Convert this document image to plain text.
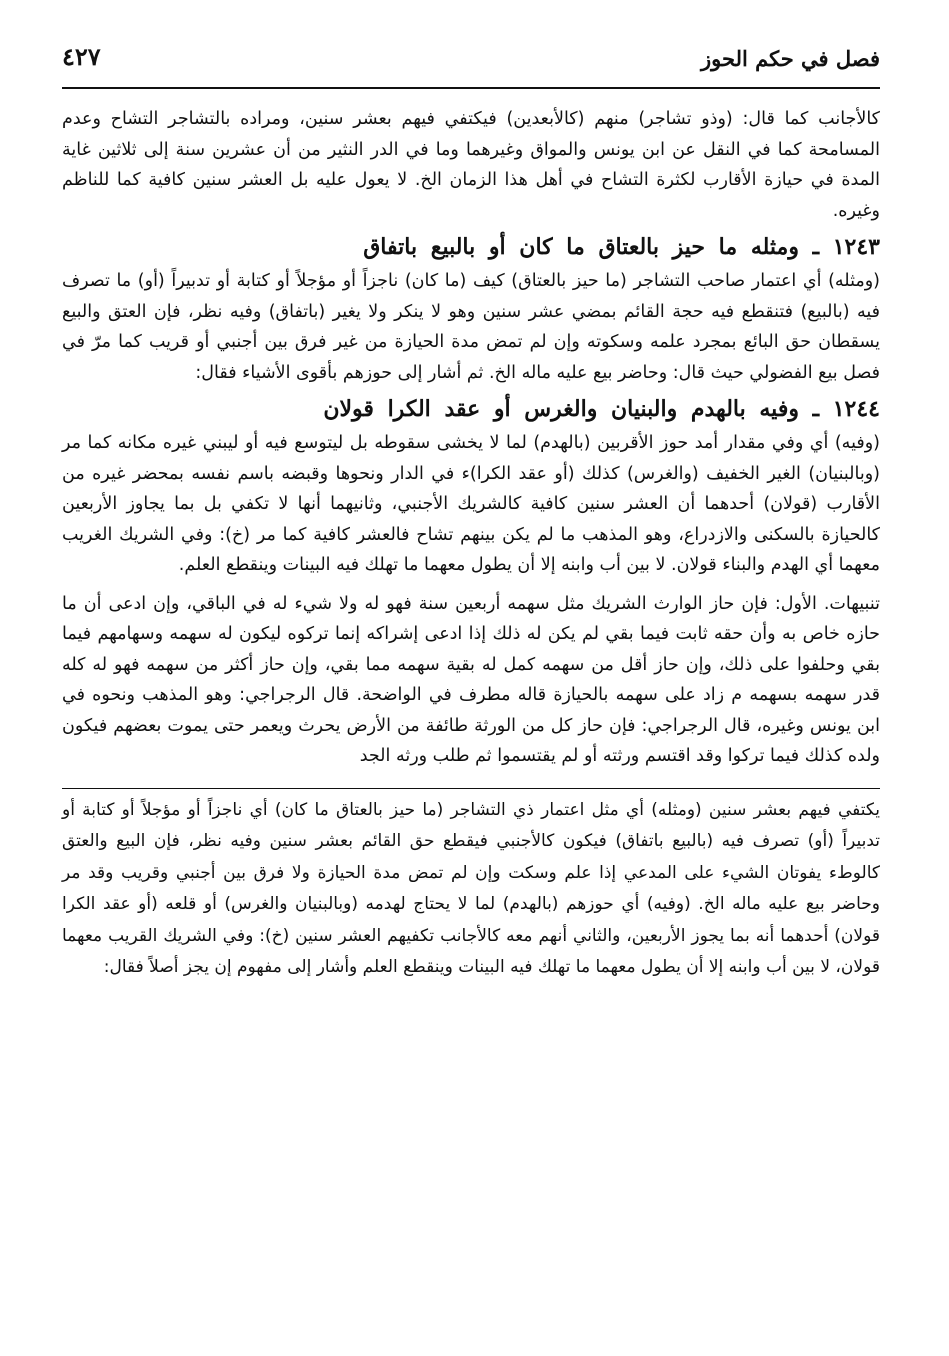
فصل في حكم الحوز
٤٢٧

كالأجانب كما قال: (وذو تشاجر) منهم (كالأبعدين) فيكتفي فيهم بعشر سنين، ومراده بالتشاجر التشاح وعدم المسامحة كما في النقل عن ابن يونس والمواق وغيرهما وما في الدر النثير من أن عشرين سنة إلى ثلاثين غاية المدة في حيازة الأقارب لكثرة التشاح في أهل هذا الزمان الخ. لا يعول عليه بل العشر سنين كافية كما للناظم وغيره.

١٢٤٣ ـ ومثله ما حيز بالعتاق ما كان أو بالبيع باتفاق

(ومثله) أي اعتمار صاحب التشاجر (ما حيز بالعتاق) كيف (ما كان) ناجزاً أو مؤجلاً أو كتابة أو تدبيراً (أو) ما تصرف فيه (بالبيع) فتنقطع فيه حجة القائم بمضي عشر سنين وهو لا ينكر ولا يغير (باتفاق) وفيه نظر، فإن العتق والبيع يسقطان حق البائع بمجرد علمه وسكوته وإن لم تمض مدة الحيازة من غير فرق بين أجنبي أو قريب كما مرّ في فصل بيع الفضولي حيث قال: وحاضر بيع عليه ماله الخ. ثم أشار إلى حوزهم بأقوى الأشياء فقال:

١٢٤٤ ـ وفيه بالهدم والبنيان والغرس أو عقد الكرا قولان

(وفيه) أي وفي مقدار أمد حوز الأقربين (بالهدم) لما لا يخشى سقوطه بل ليتوسع فيه أو ليبني غيره مكانه كما مر (وبالبنيان) الغير الخفيف (والغرس) كذلك (أو عقد الكرا)ء في الدار ونحوها وقبضه باسم نفسه بمحضر غيره من الأقارب (قولان) أحدهما أن العشر سنين كافية كالشريك الأجنبي، وثانيهما أنها لا تكفي بل بما يجاوز الأربعين كالحيازة بالسكنى والازدراع، وهو المذهب ما لم يكن بينهم تشاح فالعشر كافية كما مر (خ): وفي الشريك الغريب معهما أي الهدم والبناء قولان. لا بين أب وابنه إلا أن يطول معهما ما تهلك فيه البينات وينقطع العلم.

تنبيهات. الأول: فإن حاز الوارث الشريك مثل سهمه أربعين سنة فهو له ولا شيء له في الباقي، وإن ادعى أن ما حازه خاص به وأن حقه ثابت فيما بقي لم يكن له ذلك إذا ادعى إشراكه إنما تركوه ليكون له سهمه وسهامهم فيما بقي وحلفوا على ذلك، وإن حاز أقل من سهمه كمل له بقية سهمه مما بقي، وإن حاز أكثر من سهمه فهو له كله قدر سهمه بسهمه م زاد على سهمه بالحيازة قاله مطرف في الواضحة. قال الرجراجي: وهو المذهب ونحوه في ابن يونس وغيره، قال الرجراجي: فإن حاز كل من الورثة طائفة من الأرض يحرث ويعمر حتى يموت بعضهم فيكون ولده كذلك فيما تركوا وقد اقتسم ورثته أو لم يقتسموا ثم طلب ورثه الجد

يكتفي فيهم بعشر سنين (ومثله) أي مثل اعتمار ذي التشاجر (ما حيز بالعتاق ما كان) أي ناجزاً أو مؤجلاً أو كتابة أو تدبيراً (أو) تصرف فيه (بالبيع باتفاق) فيكون كالأجنبي فيقطع حق القائم بعشر سنين وفيه نظر، فإن البيع والعتق كالوطء يفوتان الشيء على المدعي إذا علم وسكت وإن لم تمض مدة الحيازة ولا فرق بين أجنبي وقريب وقد مر وحاضر بيع عليه ماله الخ. (وفيه) أي حوزهم (بالهدم) لما لا يحتاج لهدمه (وبالبنيان والغرس) أو قلعه (أو عقد الكرا قولان) أحدهما أنه بما يجوز الأربعين، والثاني أنهم معه كالأجانب تكفيهم العشر سنين (خ): وفي الشريك القريب معهما قولان، لا بين أب وابنه إلا أن يطول معهما ما تهلك فيه البينات وينقطع العلم وأشار إلى مفهوم إن يجز أصلاً فقال:
